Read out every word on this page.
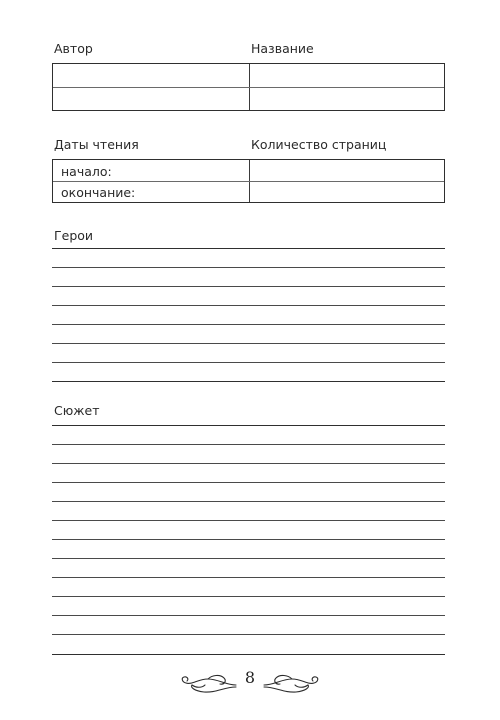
Автор	Название
Даты чтения	Количество страниц
начало:
окончание:
Герои
Сюжет
8
